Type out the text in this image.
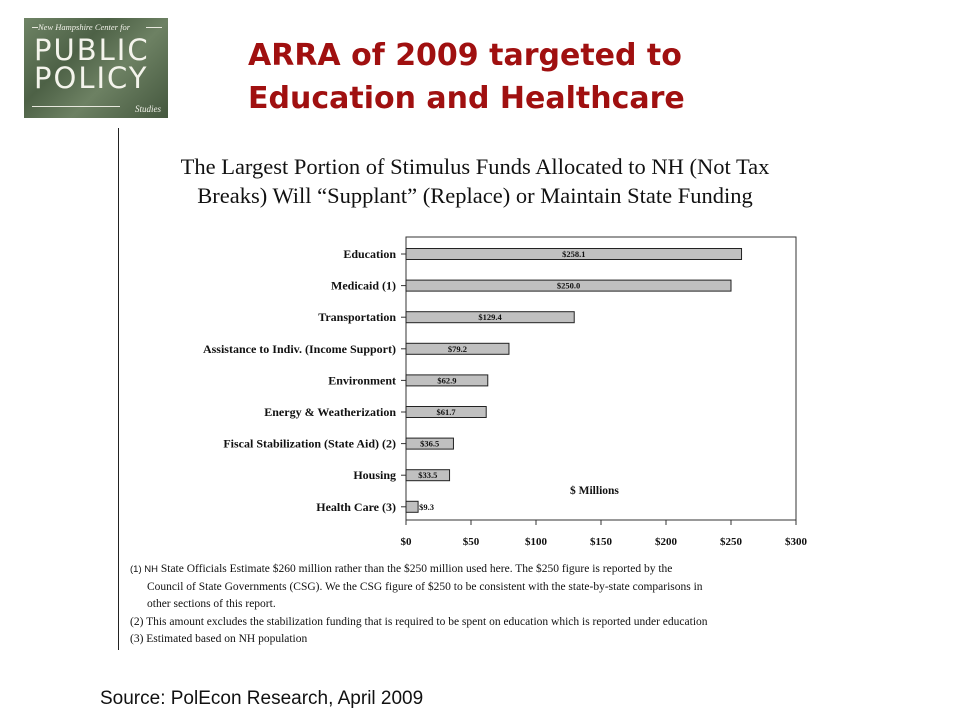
New Hampshire Center for
PUBLIC
POLICY
Studies
ARRA of 2009 targeted to
Education and Healthcare
The Largest Portion of Stimulus Funds Allocated to NH (Not Tax
Breaks) Will “Supplant” (Replace) or Maintain State Funding
Education
Medicaid (1)
Transportation
Assistance to Indiv. (Income Support)
Environment
Energy & Weatherization
Fiscal Stabilization (State Aid) (2)
Housing
Health Care (3)
$258.1
$250.0
$129.4
$79.2
$62.9
$61.7
$36.5
$33.5
$9.3
$0	$50	$100	$150	$200	$250	$300
$ Millions
(1) NH State Officials Estimate $260 million rather than the $250 million used here. The $250 figure is reported by the
Council of State Governments (CSG). We the CSG figure of $250 to be consistent with the state-by-state comparisons in
other sections of this report.
(2) This amount excludes the stabilization funding that is required to be spent on education which is reported under education
(3) Estimated based on NH population
Source: PolEcon Research, April 2009
